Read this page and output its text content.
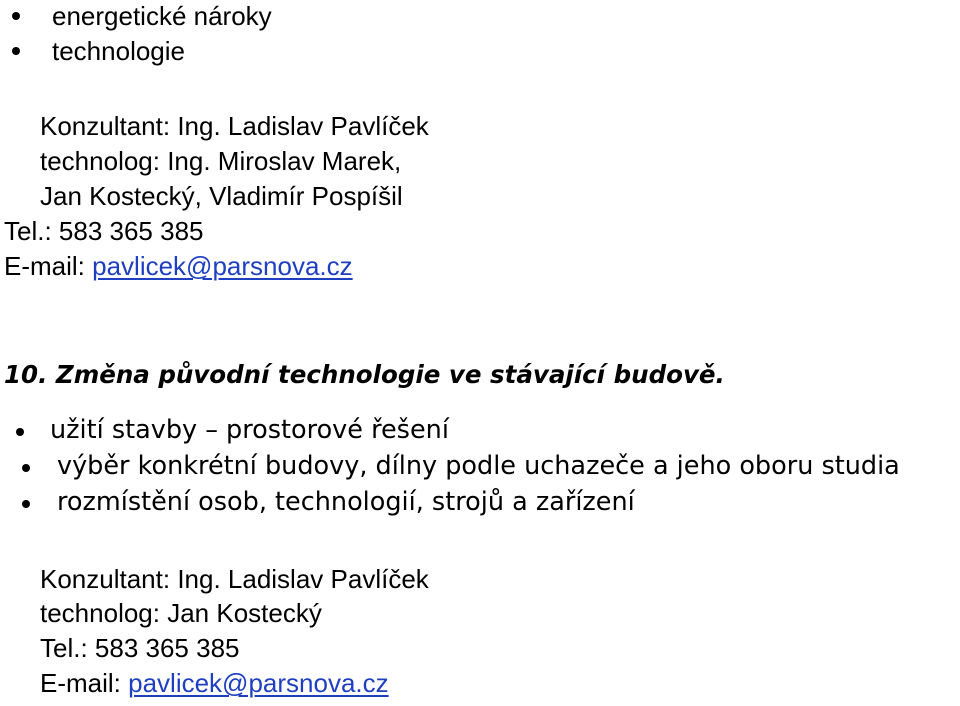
energetické nároky
technologie
Konzultant: Ing. Ladislav Pavlíček
technolog: Ing. Miroslav Marek,
Jan Kostecký, Vladimír Pospíšil
Tel.: 583 365 385
E-mail: pavlicek@parsnova.cz
10. Změna původní technologie ve stávající budově.
užití stavby – prostorové řešení
výběr konkrétní budovy, dílny podle uchazeče a jeho oboru studia
rozmístění osob, technologií, strojů a zařízení
Konzultant: Ing. Ladislav Pavlíček
technolog: Jan Kostecký
Tel.: 583 365 385
E-mail: pavlicek@parsnova.cz
